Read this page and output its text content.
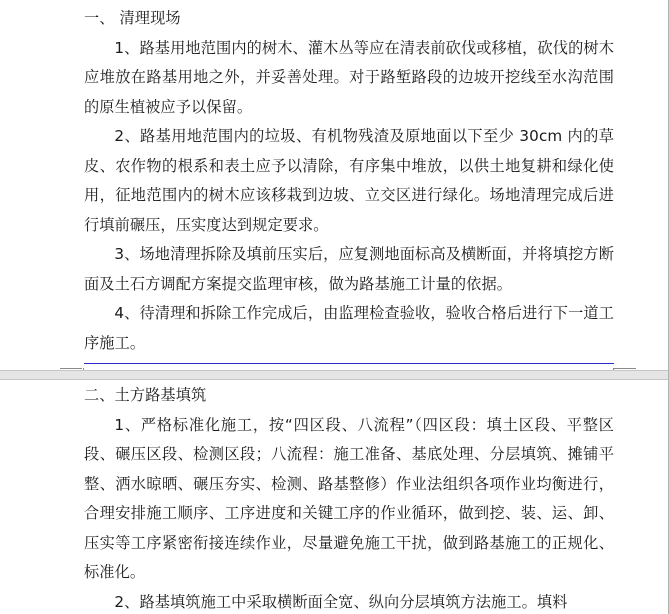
一、 清理现场

1、路基用地范围内的树木、灌木丛等应在清表前砍伐或移植，砍伐的树木应堆放在路基用地之外，并妥善处理。对于路堑路段的边坡开挖线至水沟范围的原生植被应予以保留。

2、路基用地范围内的垃圾、有机物残渣及原地面以下至少 30cm 内的草皮、农作物的根系和表土应予以清除，有序集中堆放，以供土地复耕和绿化使用，征地范围内的树木应该移栽到边坡、立交区进行绿化。场地清理完成后进行填前碾压，压实度达到规定要求。

3、场地清理拆除及填前压实后，应复测地面标高及横断面，并将填挖方断面及土石方调配方案提交监理审核，做为路基施工计量的依据。

4、待清理和拆除工作完成后，由监理检查验收，验收合格后进行下一道工序施工。

二、土方路基填筑

1、严格标准化施工，按“四区段、八流程”（四区段：填土区段、平整区段、碾压区段、检测区段；八流程：施工准备、基底处理、分层填筑、摊铺平整、洒水晾晒、碾压夯实、检测、路基整修）作业法组织各项作业均衡进行，合理安排施工顺序、工序进度和关键工序的作业循环，做到挖、装、运、卸、压实等工序紧密衔接连续作业，尽量避免施工干扰，做到路基施工的正规化、标准化。

2、路基填筑施工中采取横断面全宽、纵向分层填筑方法施工。填料
